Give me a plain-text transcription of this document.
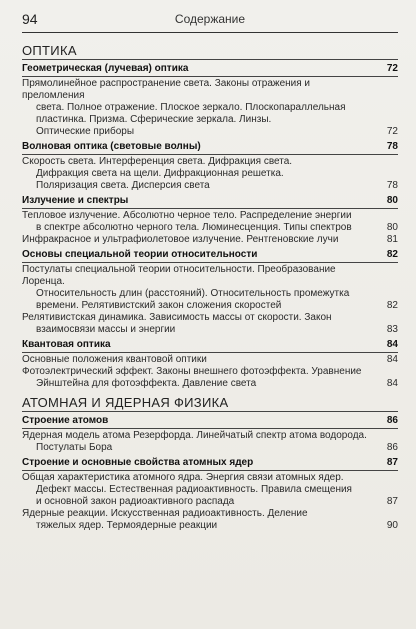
94	Содержание
ОПТИКА
Геометрическая (лучевая) оптика	72
Прямолинейное распространение света. Законы отражения и преломления
света. Полное отражение. Плоское зеркало. Плоскопараллельная
пластинка. Призма. Сферические зеркала. Линзы.
Оптические приборы	72
Волновая оптика (световые волны)	78
Скорость света. Интерференция света. Дифракция света.
Дифракция света на щели. Дифракционная решетка.
Поляризация света. Дисперсия света	78
Излучение и спектры	80
Тепловое излучение. Абсолютно черное тело. Распределение энергии
в спектре абсолютно черного тела. Люминесценция. Типы спектров	80
Инфракрасное и ультрафиолетовое излучение. Рентгеновские лучи	81
Основы специальной теории относительности	82
Постулаты специальной теории относительности. Преобразование Лоренца.
Относительность длин (расстояний). Относительность промежутка
времени. Релятивистский закон сложения скоростей	82
Релятивистская динамика. Зависимость массы от скорости. Закон
взаимосвязи массы и энергии	83
Квантовая оптика	84
Основные положения квантовой оптики	84
Фотоэлектрический эффект. Законы внешнего фотоэффекта. Уравнение
Эйнштейна для фотоэффекта. Давление света	84
АТОМНАЯ И ЯДЕРНАЯ ФИЗИКА
Строение атомов	86
Ядерная модель атома Резерфорда. Линейчатый спектр атома водорода.
Постулаты Бора	86
Строение и основные свойства атомных ядер	87
Общая характеристика атомного ядра. Энергия связи атомных ядер.
Дефект массы. Естественная радиоактивность. Правила смещения
и основной закон радиоактивного распада	87
Ядерные реакции. Искусственная радиоактивность. Деление
тяжелых ядер. Термоядерные реакции	90
